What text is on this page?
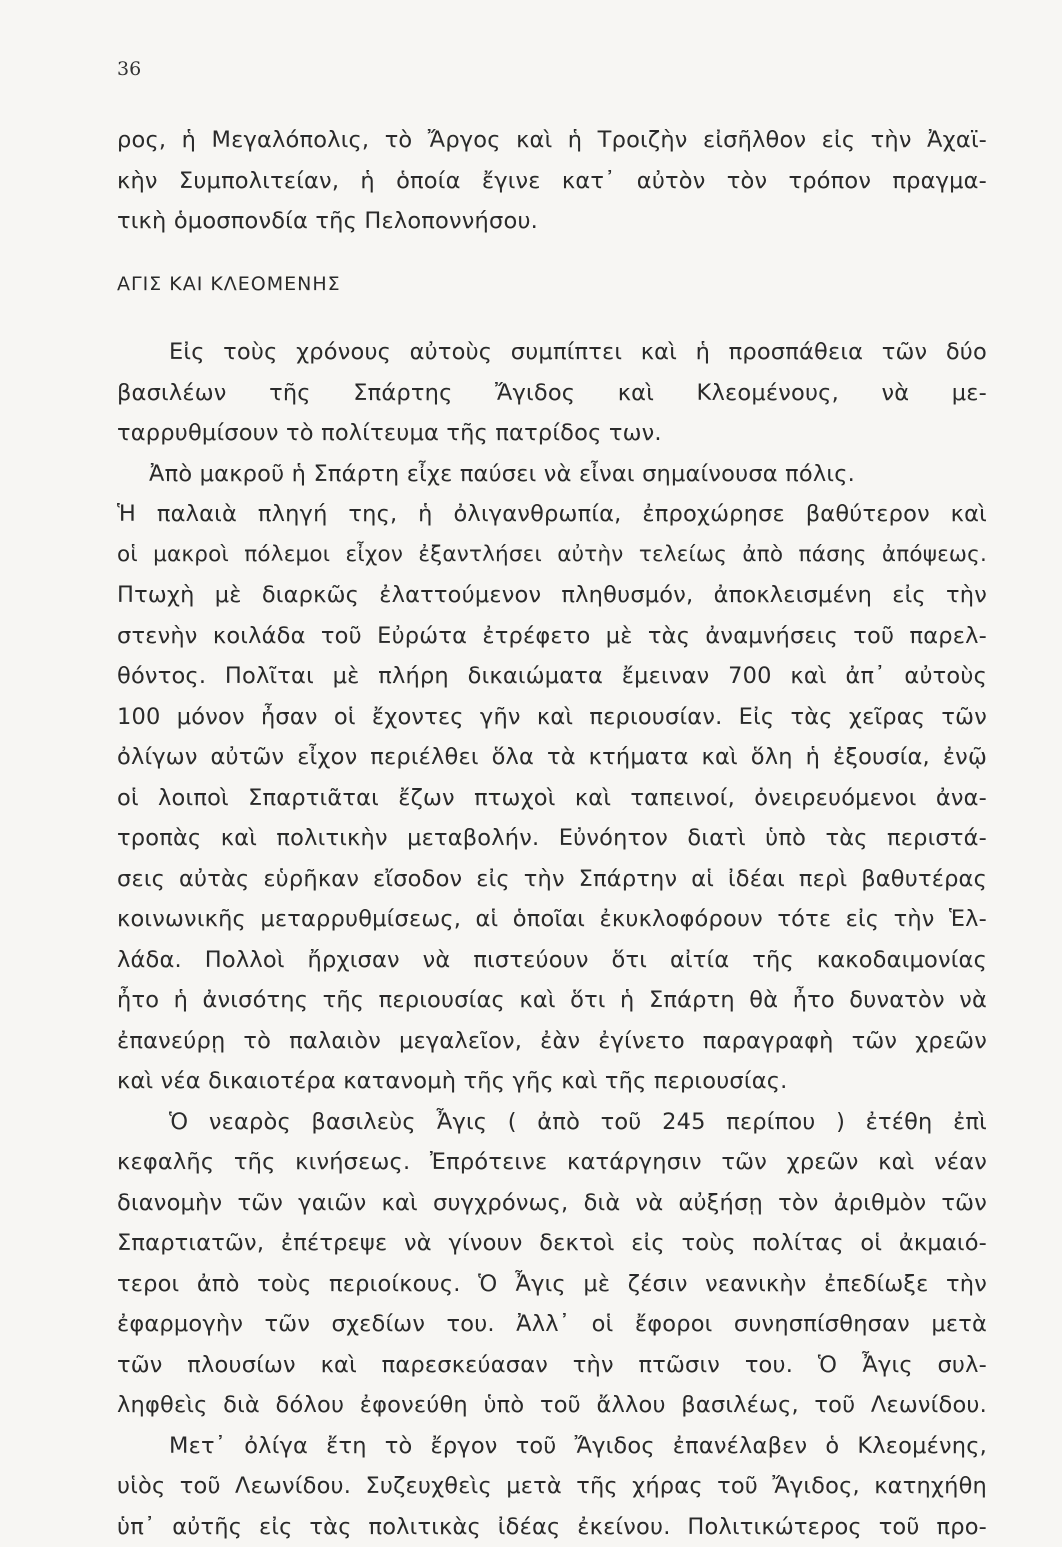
36
ρος, ἡ Μεγαλόπολις, τὸ Ἄργος καὶ ἡ Τροιζὴν εἰσῆλθον εἰς τὴν Ἀχαϊ-
κὴν Συμπολιτείαν, ἡ ὁποία ἔγινε κατ᾿ αὐτὸν τὸν τρόπον πραγμα-
τικὴ ὁμοσπονδία τῆς Πελοποννήσου.
ΑΓΙΣ ΚΑΙ ΚΛΕΟΜΕΝΗΣ
Εἰς τοὺς χρόνους αὐτοὺς συμπίπτει καὶ ἡ προσπάθεια τῶν δύο
βασιλέων τῆς Σπάρτης Ἄγιδος καὶ Κλεομένους, νὰ με-
ταρρυθμίσουν τὸ πολίτευμα τῆς πατρίδος των.
Ἀπὸ μακροῦ ἡ Σπάρτη εἶχε παύσει νὰ εἶναι σημαίνουσα πόλις.
Ἡ παλαιὰ πληγή της, ἡ ὀλιγανθρωπία, ἐπροχώρησε βαθύτερον καὶ
οἱ μακροὶ πόλεμοι εἶχον ἐξαντλήσει αὐτὴν τελείως ἀπὸ πάσης ἀπόψεως.
Πτωχὴ μὲ διαρκῶς ἐλαττούμενον πληθυσμόν, ἀποκλεισμένη εἰς τὴν
στενὴν κοιλάδα τοῦ Εὐρώτα ἐτρέφετο μὲ τὰς ἀναμνήσεις τοῦ παρελ-
θόντος. Πολῖται μὲ πλήρη δικαιώματα ἔμειναν 700 καὶ ἀπ᾿ αὐτοὺς
100 μόνον ἦσαν οἱ ἔχοντες γῆν καὶ περιουσίαν. Εἰς τὰς χεῖρας τῶν
ὀλίγων αὐτῶν εἶχον περιέλθει ὅλα τὰ κτήματα καὶ ὅλη ἡ ἐξουσία, ἐνῷ
οἱ λοιποὶ Σπαρτιᾶται ἔζων πτωχοὶ καὶ ταπεινοί, ὀνειρευόμενοι ἀνα-
τροπὰς καὶ πολιτικὴν μεταβολήν. Εὐνόητον διατὶ ὑπὸ τὰς περιστά-
σεις αὐτὰς εὑρῆκαν εἴσοδον εἰς τὴν Σπάρτην αἱ ἰδέαι περὶ βαθυτέρας
κοινωνικῆς μεταρρυθμίσεως, αἱ ὁποῖαι ἐκυκλοφόρουν τότε εἰς τὴν Ἑλ-
λάδα. Πολλοὶ ἤρχισαν νὰ πιστεύουν ὅτι αἰτία τῆς κακοδαιμονίας
ἦτο ἡ ἀνισότης τῆς περιουσίας καὶ ὅτι ἡ Σπάρτη θὰ ἦτο δυνατὸν νὰ
ἐπανεύρῃ τὸ παλαιὸν μεγαλεῖον, ἐὰν ἐγίνετο παραγραφὴ τῶν χρεῶν
καὶ νέα δικαιοτέρα κατανομὴ τῆς γῆς καὶ τῆς περιουσίας.
Ὁ νεαρὸς βασιλεὺς Ἆγις ( ἀπὸ τοῦ 245 περίπου ) ἐτέθη ἐπὶ
κεφαλῆς τῆς κινήσεως. Ἐπρότεινε κατάργησιν τῶν χρεῶν καὶ νέαν
διανομὴν τῶν γαιῶν καὶ συγχρόνως, διὰ νὰ αὐξήσῃ τὸν ἀριθμὸν τῶν
Σπαρτιατῶν, ἐπέτρεψε νὰ γίνουν δεκτοὶ εἰς τοὺς πολίτας οἱ ἀκμαιό-
τεροι ἀπὸ τοὺς περιοίκους. Ὁ Ἆγις μὲ ζέσιν νεανικὴν ἐπεδίωξε τὴν
ἐφαρμογὴν τῶν σχεδίων του. Ἀλλ᾿ οἱ ἔφοροι συνησπίσθησαν μετὰ
τῶν πλουσίων καὶ παρεσκεύασαν τὴν πτῶσιν του. Ὁ Ἆγις συλ-
ληφθεὶς διὰ δόλου ἐφονεύθη ὑπὸ τοῦ ἄλλου βασιλέως, τοῦ Λεωνίδου.
Μετ᾿ ὀλίγα ἔτη τὸ ἔργον τοῦ Ἄγιδος ἐπανέλαβεν ὁ Κλεομένης,
υἱὸς τοῦ Λεωνίδου. Συζευχθεὶς μετὰ τῆς χήρας τοῦ Ἄγιδος, κατηχήθη
ὑπ᾿ αὐτῆς εἰς τὰς πολιτικὰς ἰδέας ἐκείνου. Πολιτικώτερος τοῦ προ-
